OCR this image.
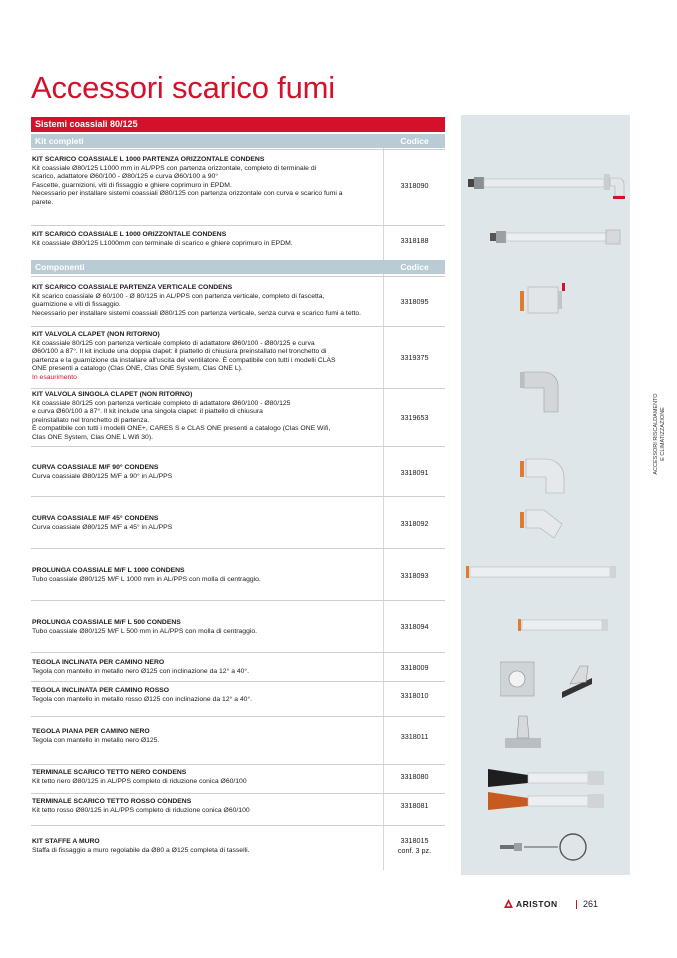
Accessori scarico fumi
Sistemi coassiali 80/125
Kit completi	Codice
KIT SCARICO COASSIALE L 1000 PARTENZA ORIZZONTALE CONDENS
Kit coassiale Ø80/125 L1000 mm in AL/PPS con partenza orizzontale, completo di terminale di
scarico, adattatore Ø60/100 - Ø80/125 e curva Ø60/100 a 90°
Fascette, guarnizioni, viti di fissaggio e ghiere coprimuro in EPDM.
Necessario per installare sistemi coassiali Ø80/125 con partenza orizzontale con curva e scarico fumi a
parete.
3318090
KIT SCARICO COASSIALE L 1000 ORIZZONTALE CONDENS
Kit coassiale Ø80/125 L1000mm con terminale di scarico e ghiere coprimuro in EPDM.	3318188
Componenti	Codice
KIT SCARICO COASSIALE PARTENZA VERTICALE CONDENS
Kit scarico coassiale Ø 60/100 - Ø 80/125 in AL/PPS con partenza verticale, completo di fascetta,
guarnizione e viti di fissaggio.
Necessario per installare sistemi coassiali Ø80/125 con partenza verticale, senza curva e scarico fumi a tetto.
3318095
KIT VALVOLA CLAPET (NON RITORNO)
Kit coassiale 80/125 con partenza verticale completo di adattatore Ø60/100 - Ø80/125 e curva
Ø60/100 a 87°. Il kit include una doppia clapet: il piattello di chiusura preinstallato nel tronchetto di
partenza e la guarnizione da installare all'uscita del ventilatore. È compatibile con tutti i modelli CLAS
ONE presenti a catalogo (Clas ONE, Clas ONE System, Clas ONE L).
In esaurimento
3319375
KIT VALVOLA SINGOLA CLAPET (NON RITORNO)
Kit coassiale 80/125 con partenza verticale completo di adattatore Ø60/100 - Ø80/125
e curva Ø60/100 a 87°. Il kit include una singola clapet: il piattello di chiusura
preinstallato nel tronchetto di partenza.
È compatibile con tutti i modelli ONE+, CARES S e CLAS ONE presenti a catalogo (Clas ONE Wifi,
Clas ONE System, Clas ONE L Wifi 30).
3319653
CURVA COASSIALE M/F 90° CONDENS
Curva coassiale Ø80/125 M/F a 90° in AL/PPS	3318091
CURVA COASSIALE M/F 45° CONDENS
Curva coassiale Ø80/125 M/F a 45° in AL/PPS	3318092
PROLUNGA COASSIALE M/F L 1000 CONDENS
Tubo coassiale Ø80/125 M/F L 1000 mm in AL/PPS con molla di centraggio.	3318093
PROLUNGA COASSIALE M/F L 500 CONDENS
Tubo coassiale Ø80/125 M/F L 500 mm in AL/PPS con molla di centraggio.
3318094
TEGOLA INCLINATA PER CAMINO NERO
Tegola con mantello in metallo nero Ø125 con inclinazione da 12° a 40°.	3318009
TEGOLA INCLINATA PER CAMINO ROSSO
Tegola con mantello in metallo rosso Ø125 con inclinazione da 12° a 40°.	3318010
TEGOLA PIANA PER CAMINO NERO
Tegola con mantello in metallo nero Ø125.	3318011
TERMINALE SCARICO TETTO NERO CONDENS
Kit tetto nero Ø80/125 in AL/PPS completo di riduzione conica Ø60/100
3318080
TERMINALE SCARICO TETTO ROSSO CONDENS
Kit tetto rosso Ø80/125 in AL/PPS completo di riduzione conica Ø60/100
3318081
KIT STAFFE A MURO
Staffa di fissaggio a muro regolabile da Ø80 a Ø125 completa di tasselli.
3318015
conf. 3 pz.
ACCESSORI RISCALDAMENTO E CLIMATIZZAZIONE
ARISTON	261
